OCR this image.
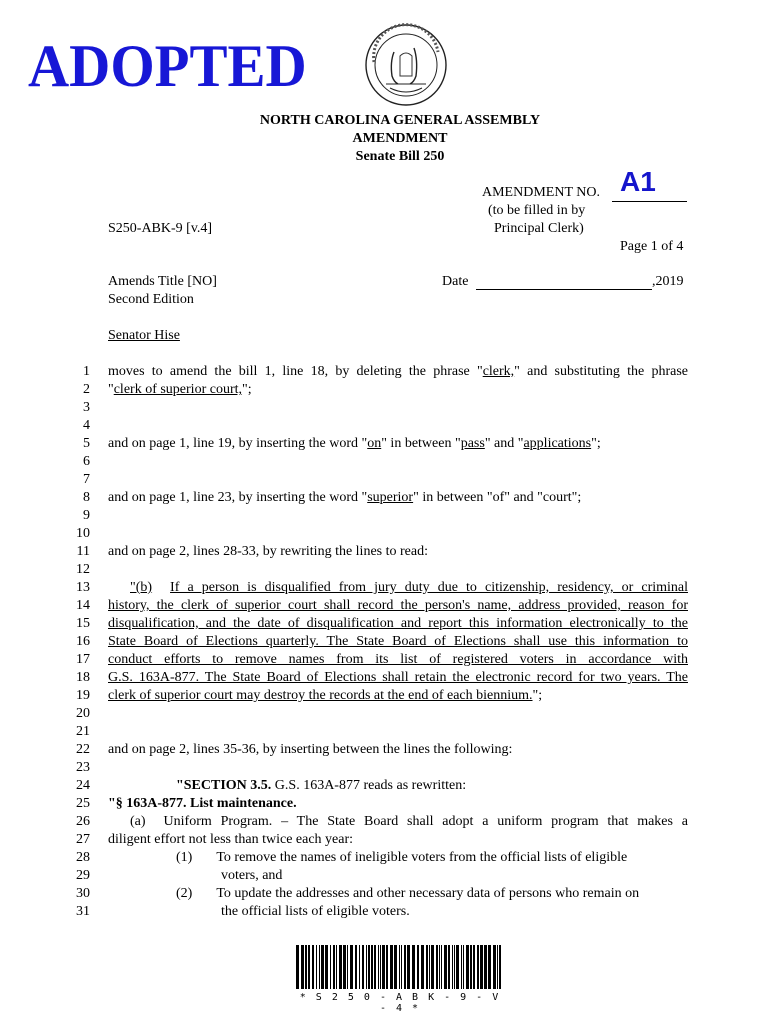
ADOPTED
NORTH CAROLINA GENERAL ASSEMBLY
AMENDMENT
Senate Bill 250
AMENDMENT NO. A1
(to be filled in by
Principal Clerk)
S250-ABK-9 [v.4]
Page 1 of 4
Amends Title [NO]
Second Edition
Date	,2019
Senator Hise
1
2
3
4
5
6
7
8
9
10
11
12
13
14
15
16
17
18
19
20
21
22
23
24
25
26
27
28
29
30
31
moves to amend the bill 1, line 18, by deleting the phrase "clerk," and substituting the phrase
"clerk of superior court,";
and on page 1, line 19, by inserting the word "on" in between "pass" and "applications";
and on page 1, line 23, by inserting the word "superior" in between "of" and "court";
and on page 2, lines 28-33, by rewriting the lines to read:
"(b) If a person is disqualified from jury duty due to citizenship, residency, or criminal
history, the clerk of superior court shall record the person's name, address provided, reason for
disqualification, and the date of disqualification and report this information electronically to the
State Board of Elections quarterly. The State Board of Elections shall use this information to
conduct efforts to remove names from its list of registered voters in accordance with
G.S. 163A-877. The State Board of Elections shall retain the electronic record for two years. The
clerk of superior court may destroy the records at the end of each biennium.";
and on page 2, lines 35-36, by inserting between the lines the following:
"SECTION 3.5. G.S. 163A-877 reads as rewritten:
"§ 163A-877. List maintenance.
(a) Uniform Program. – The State Board shall adopt a uniform program that makes a
diligent effort not less than twice each year:
(1) To remove the names of ineligible voters from the official lists of eligible
voters, and
(2) To update the addresses and other necessary data of persons who remain on
the official lists of eligible voters.
* S 2 5 0 - A B K - 9 - V - 4 *
